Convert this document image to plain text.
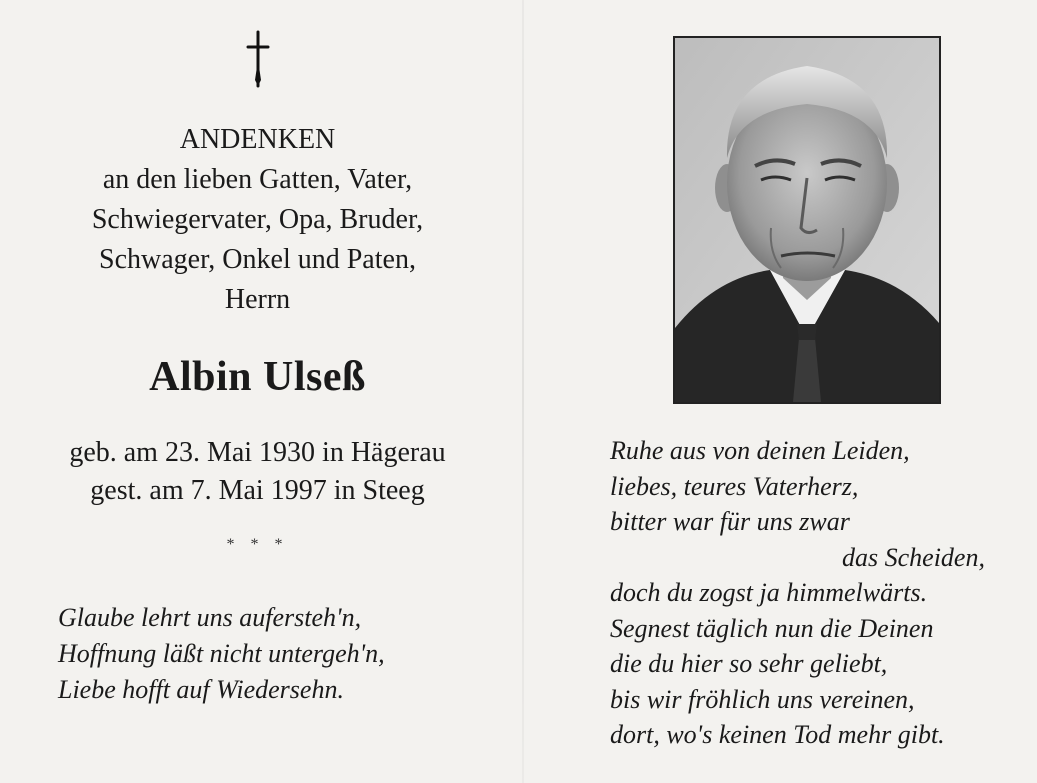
ANDENKEN
an den lieben Gatten, Vater,
Schwiegervater, Opa, Bruder,
Schwager, Onkel und Paten,
Herrn
Albin Ulseß
geb. am 23. Mai 1930 in Hägerau
gest. am 7. Mai 1997 in Steeg
* * *
Glaube lehrt uns aufersteh'n,
Hoffnung läßt nicht untergeh'n,
Liebe hofft auf Wiedersehn.
Ruhe aus von deinen Leiden,
liebes, teures Vaterherz,
bitter war für uns zwar
das Scheiden,
doch du zogst ja himmelwärts.
Segnest täglich nun die Deinen
die du hier so sehr geliebt,
bis wir fröhlich uns vereinen,
dort, wo's keinen Tod mehr gibt.
